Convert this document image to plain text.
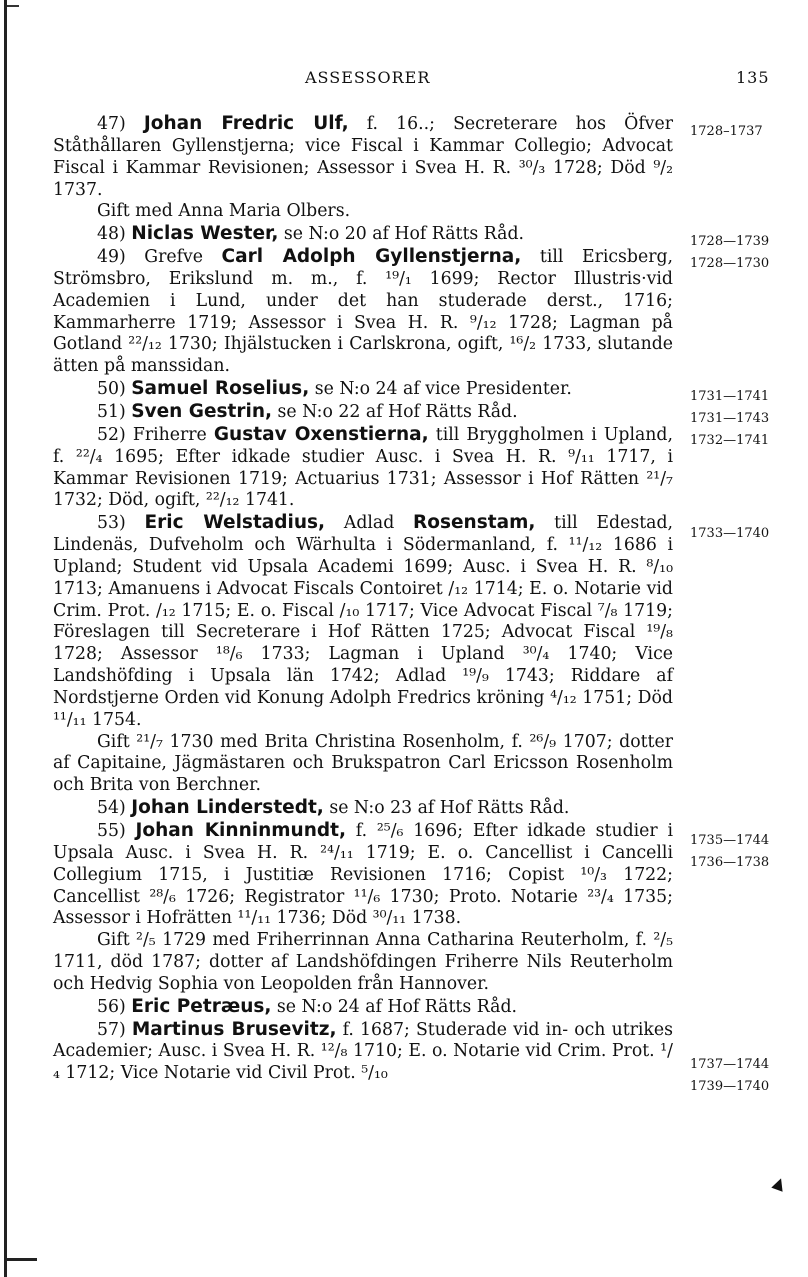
ASSESSORER	135

47) Johan Fredric Ulf, f. 16..; Secreterare hos Öfver Ståthållaren Gyllenstjerna; vice Fiscal i Kammar Collegio; Advocat Fiscal i Kammar Revisionen; Assessor i Svea H. R. ³⁰/₃ 1728; Död ⁹/₂ 1737.

Gift med Anna Maria Olbers.

48) Niclas Wester, se N:o 20 af Hof Rätts Råd.

49) Grefve Carl Adolph Gyllenstjerna, till Ericsberg, Strömsbro, Erikslund m. m., f. ¹⁹/₁ 1699; Rector Illustris·vid Academien i Lund, under det han studerade derst., 1716; Kammarherre 1719; Assessor i Svea H. R. ⁹/₁₂ 1728; Lagman på Gotland ²²/₁₂ 1730; Ihjälstucken i Carlskrona, ogift, ¹⁶/₂ 1733, slutande ätten på manssidan.

50) Samuel Roselius, se N:o 24 af vice Presidenter.

51) Sven Gestrin, se N:o 22 af Hof Rätts Råd.

52) Friherre Gustav Oxenstierna, till Bryggholmen i Upland, f. ²²/₄ 1695; Efter idkade studier Ausc. i Svea H. R. ⁹/₁₁ 1717, i Kammar Revisionen 1719; Actuarius 1731; Assessor i Hof Rätten ²¹/₇ 1732; Död, ogift, ²²/₁₂ 1741.

53) Eric Welstadius, Adlad Rosenstam, till Edestad, Lindenäs, Dufveholm och Wärhulta i Södermanland, f. ¹¹/₁₂ 1686 i Upland; Student vid Upsala Academi 1699; Ausc. i Svea H. R. ⁸/₁₀ 1713; Amanuens i Advocat Fiscals Contoiret /₁₂ 1714; E. o. Notarie vid Crim. Prot. /₁₂ 1715; E. o. Fiscal /₁₀ 1717; Vice Advocat Fiscal ⁷/₈ 1719; Föreslagen till Secreterare i Hof Rätten 1725; Advocat Fiscal ¹⁹/₈ 1728; Assessor ¹⁸/₆ 1733; Lagman i Upland ³⁰/₄ 1740; Vice Landshöfding i Upsala län 1742; Adlad ¹⁹/₉ 1743; Riddare af Nordstjerne Orden vid Konung Adolph Fredrics kröning ⁴/₁₂ 1751; Död ¹¹/₁₁ 1754.

Gift ²¹/₇ 1730 med Brita Christina Rosenholm, f. ²⁶/₉ 1707; dotter af Capitaine, Jägmästaren och Brukspatron Carl Ericsson Rosenholm och Brita von Berchner.

54) Johan Linderstedt, se N:o 23 af Hof Rätts Råd.

55) Johan Kinninmundt, f. ²⁵/₆ 1696; Efter idkade studier i Upsala Ausc. i Svea H. R. ²⁴/₁₁ 1719; E. o. Cancellist i Cancelli Collegium 1715, i Justitiæ Revisionen 1716; Copist ¹⁰/₃ 1722; Cancellist ²⁸/₆ 1726; Registrator ¹¹/₆ 1730; Proto. Notarie ²³/₄ 1735; Assessor i Hofrätten ¹¹/₁₁ 1736; Död ³⁰/₁₁ 1738.

Gift ²/₅ 1729 med Friherrinnan Anna Catharina Reuterholm, f. ²/₅ 1711, död 1787; dotter af Landshöfdingen Friherre Nils Reuterholm och Hedvig Sophia von Leopolden från Hannover.

56) Eric Petræus, se N:o 24 af Hof Rätts Råd.

57) Martinus Brusevitz, f. 1687; Studerade vid in- och utrikes Academier; Ausc. i Svea H. R. ¹²/₈ 1710; E. o. Notarie vid Crim. Prot. ¹/₄ 1712; Vice Notarie vid Civil Prot. ⁵/₁₀

1728–1737
1728—1739
1728—1730
1731—1741
1731—1743
1732—1741
1733—1740
1735—1744
1736—1738
1737—1744
1739—1740
